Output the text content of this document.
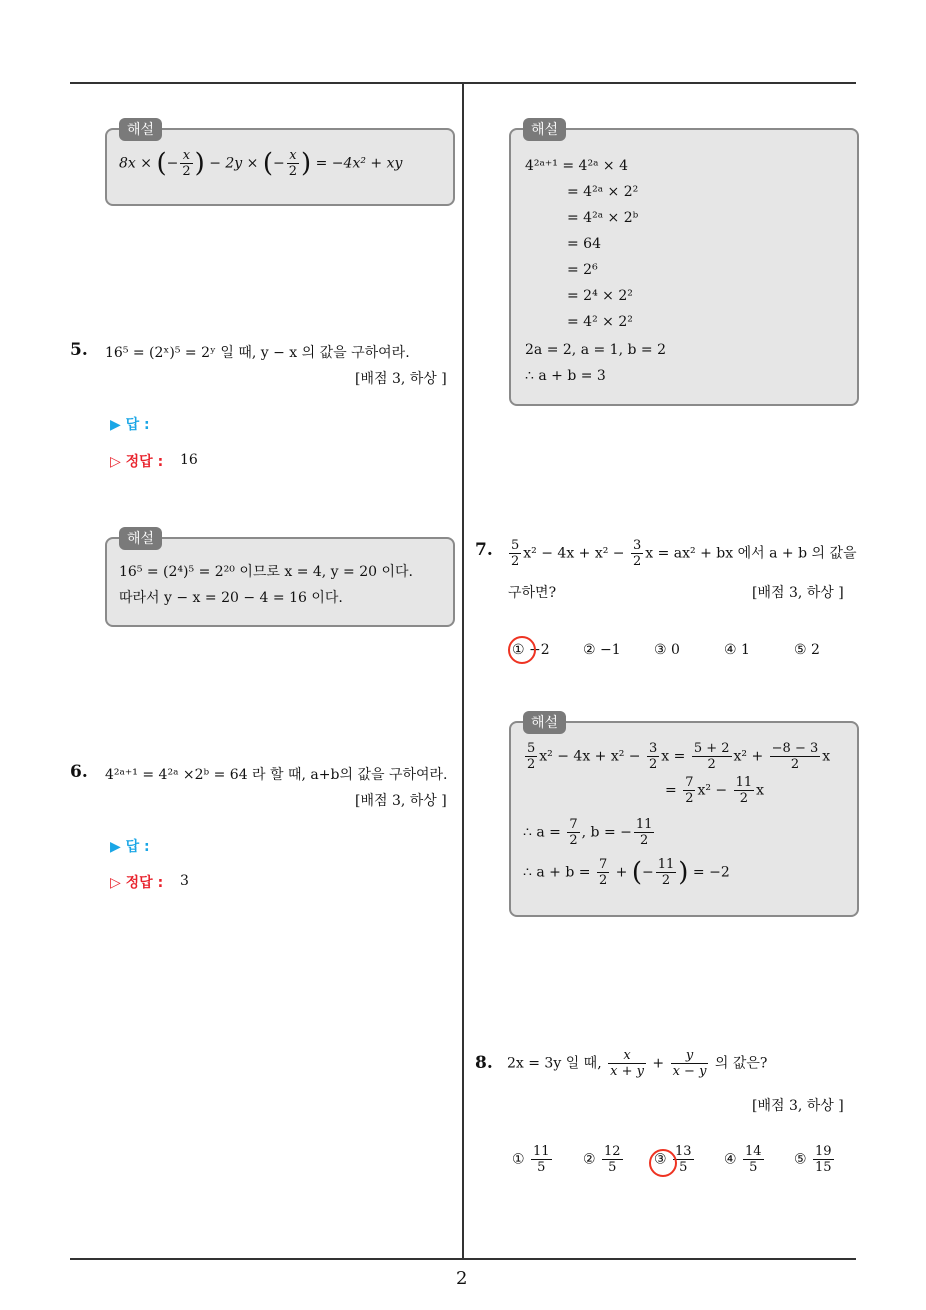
2
해설
8x × (− $\frac{x}{2}$ ) − 2y × (− $\frac{x}{2}$ ) = −4x² + xy
5. 16⁵ = (2ˣ)⁵ = 2ʸ 일 때, y − x 의 값을 구하여라.
[배점 3, 하상 ]
▶ 답 :
▷ 정답 : 16
해설
16⁵ = (2⁴)⁵ = 2²⁰ 이므로 x = 4, y = 20 이다.
따라서 y − x = 20 − 4 = 16 이다.
6. 4²ᵃ⁺¹ = 4²ᵃ ×2ᵇ = 64 라 할 때, a+b의 값을 구하여라.
[배점 3, 하상 ]
▶ 답 :
▷ 정답 : 3
해설
4²ᵃ⁺¹ = 4²ᵃ × 4
= 4²ᵃ × 2²
= 4²ᵃ × 2ᵇ
= 64
= 2⁶
= 2⁴ × 2²
= 4² × 2²
2a = 2, a = 1, b = 2
∴ a + b = 3
7. $\frac{5}{2} x^2 - 4x + x^2 - \frac{3}{2}$ x = ax² + bx 에서 a + b 의 값을
구하면?	[배점 3, 하상 ]
① −2 ② −1 ③ 0	④ 1	⑤ 2
해설
$\frac{5}{2} x^2 - 4x + x^2 - \frac{3}{2}$ $x = \frac{5 + 2}{2} x^2 + \frac{-8 - 3}{2}$ x
= $\frac{7}{2} x^2 - \frac{11}{2}$ x
∴ $a = \frac{7}{2}$ , b = − $\frac{11}{2}$
∴ $a + b = \frac{7}{2}$ + (− $\frac{11}{2}$ ) = −2
8. 2x = 3y 일 때, $\frac{x}{x + y} + \frac{y}{x - y}$ 의 값은?
[배점 3, 하상 ]
① $\frac{11}{5}$ ② $\frac{12}{5}$ ③ $\frac{13}{5}$ ④ $\frac{14}{5}$ ⑤ $\frac{19}{15}$
